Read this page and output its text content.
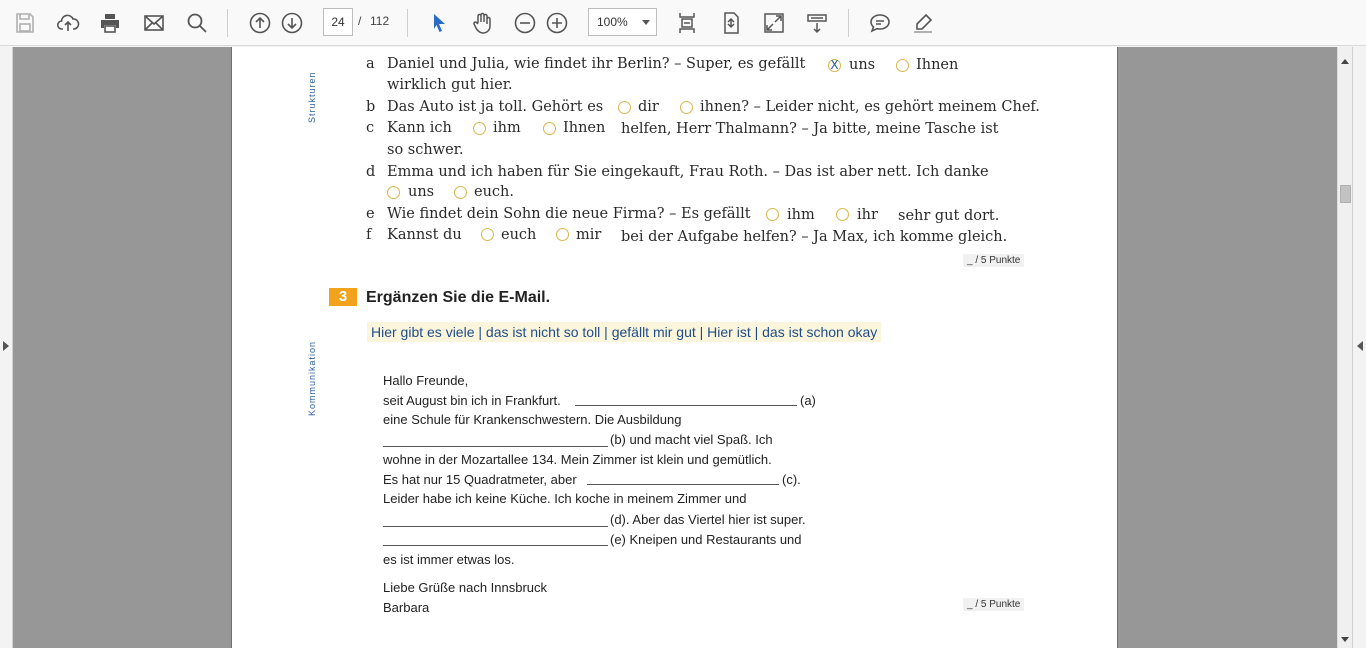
24	/ 112	100%
Strukturen
Kommunikation
a Daniel und Julia, wie findet ihr Berlin? – Super, es gefällt X uns	Ihnen
wirklich gut hier.
b Das Auto ist ja toll. Gehört es dir	ihnen? – Leider nicht, es gehört meinem Chef.
c Kann ich	ihm	Ihnen helfen, Herr Thalmann? – Ja bitte, meine Tasche ist
so schwer.
d Emma und ich haben für Sie eingekauft, Frau Roth. – Das ist aber nett. Ich danke
uns	euch.
e Wie findet dein Sohn die neue Firma? – Es gefällt	ihm	ihr sehr gut dort.
f Kannst du	euch	mir bei der Aufgabe helfen? – Ja Max, ich komme gleich.
_ / 5 Punkte
3	Ergänzen Sie die E-Mail.
Hier gibt es viele | das ist nicht so toll | gefällt mir gut | Hier ist | das ist schon okay
Hallo Freunde,
seit August bin ich in Frankfurt.	(a)
eine Schule für Krankenschwestern. Die Ausbildung
(b) und macht viel Spaß. Ich
wohne in der Mozartallee 134. Mein Zimmer ist klein und gemütlich.
Es hat nur 15 Quadratmeter, aber	(c).
Leider habe ich keine Küche. Ich koche in meinem Zimmer und
(d). Aber das Viertel hier ist super.
(e) Kneipen und Restaurants und
es ist immer etwas los.
Liebe Grüße nach Innsbruck
Barbara	_ / 5 Punkte
